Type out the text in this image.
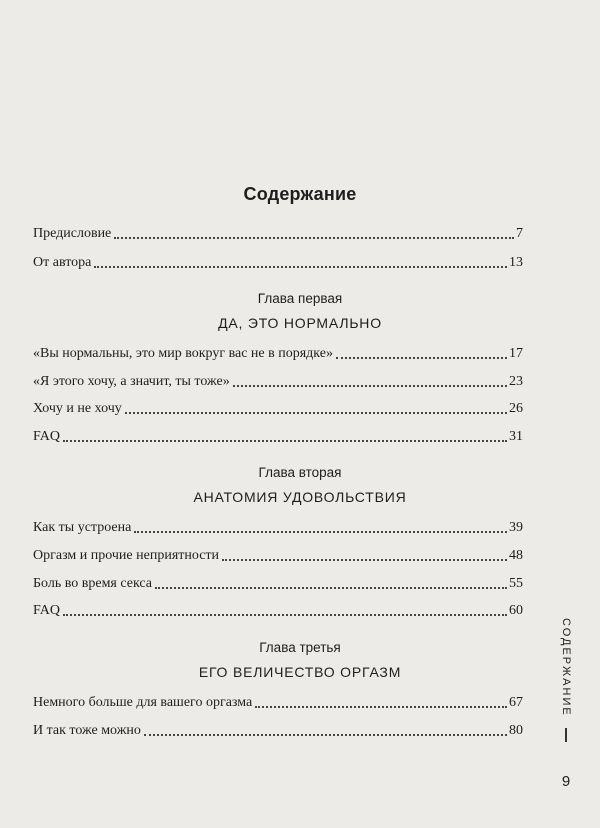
Содержание
Предисловие	7
От автора	13
Глава первая
ДА, ЭТО НОРМАЛЬНО
«Вы нормальны, это мир вокруг вас не в порядке»	17
«Я этого хочу, а значит, ты тоже»	23
Хочу и не хочу	26
FAQ	31
Глава вторая
АНАТОМИЯ УДОВОЛЬСТВИЯ
Как ты устроена	39
Оргазм и прочие неприятности	48
Боль во время секса	55
FAQ	60
Глава третья
ЕГО ВЕЛИЧЕСТВО ОРГАЗМ
Немного больше для вашего оргазма	67
И так тоже можно	80
СОДЕРЖАНИЕ
9
